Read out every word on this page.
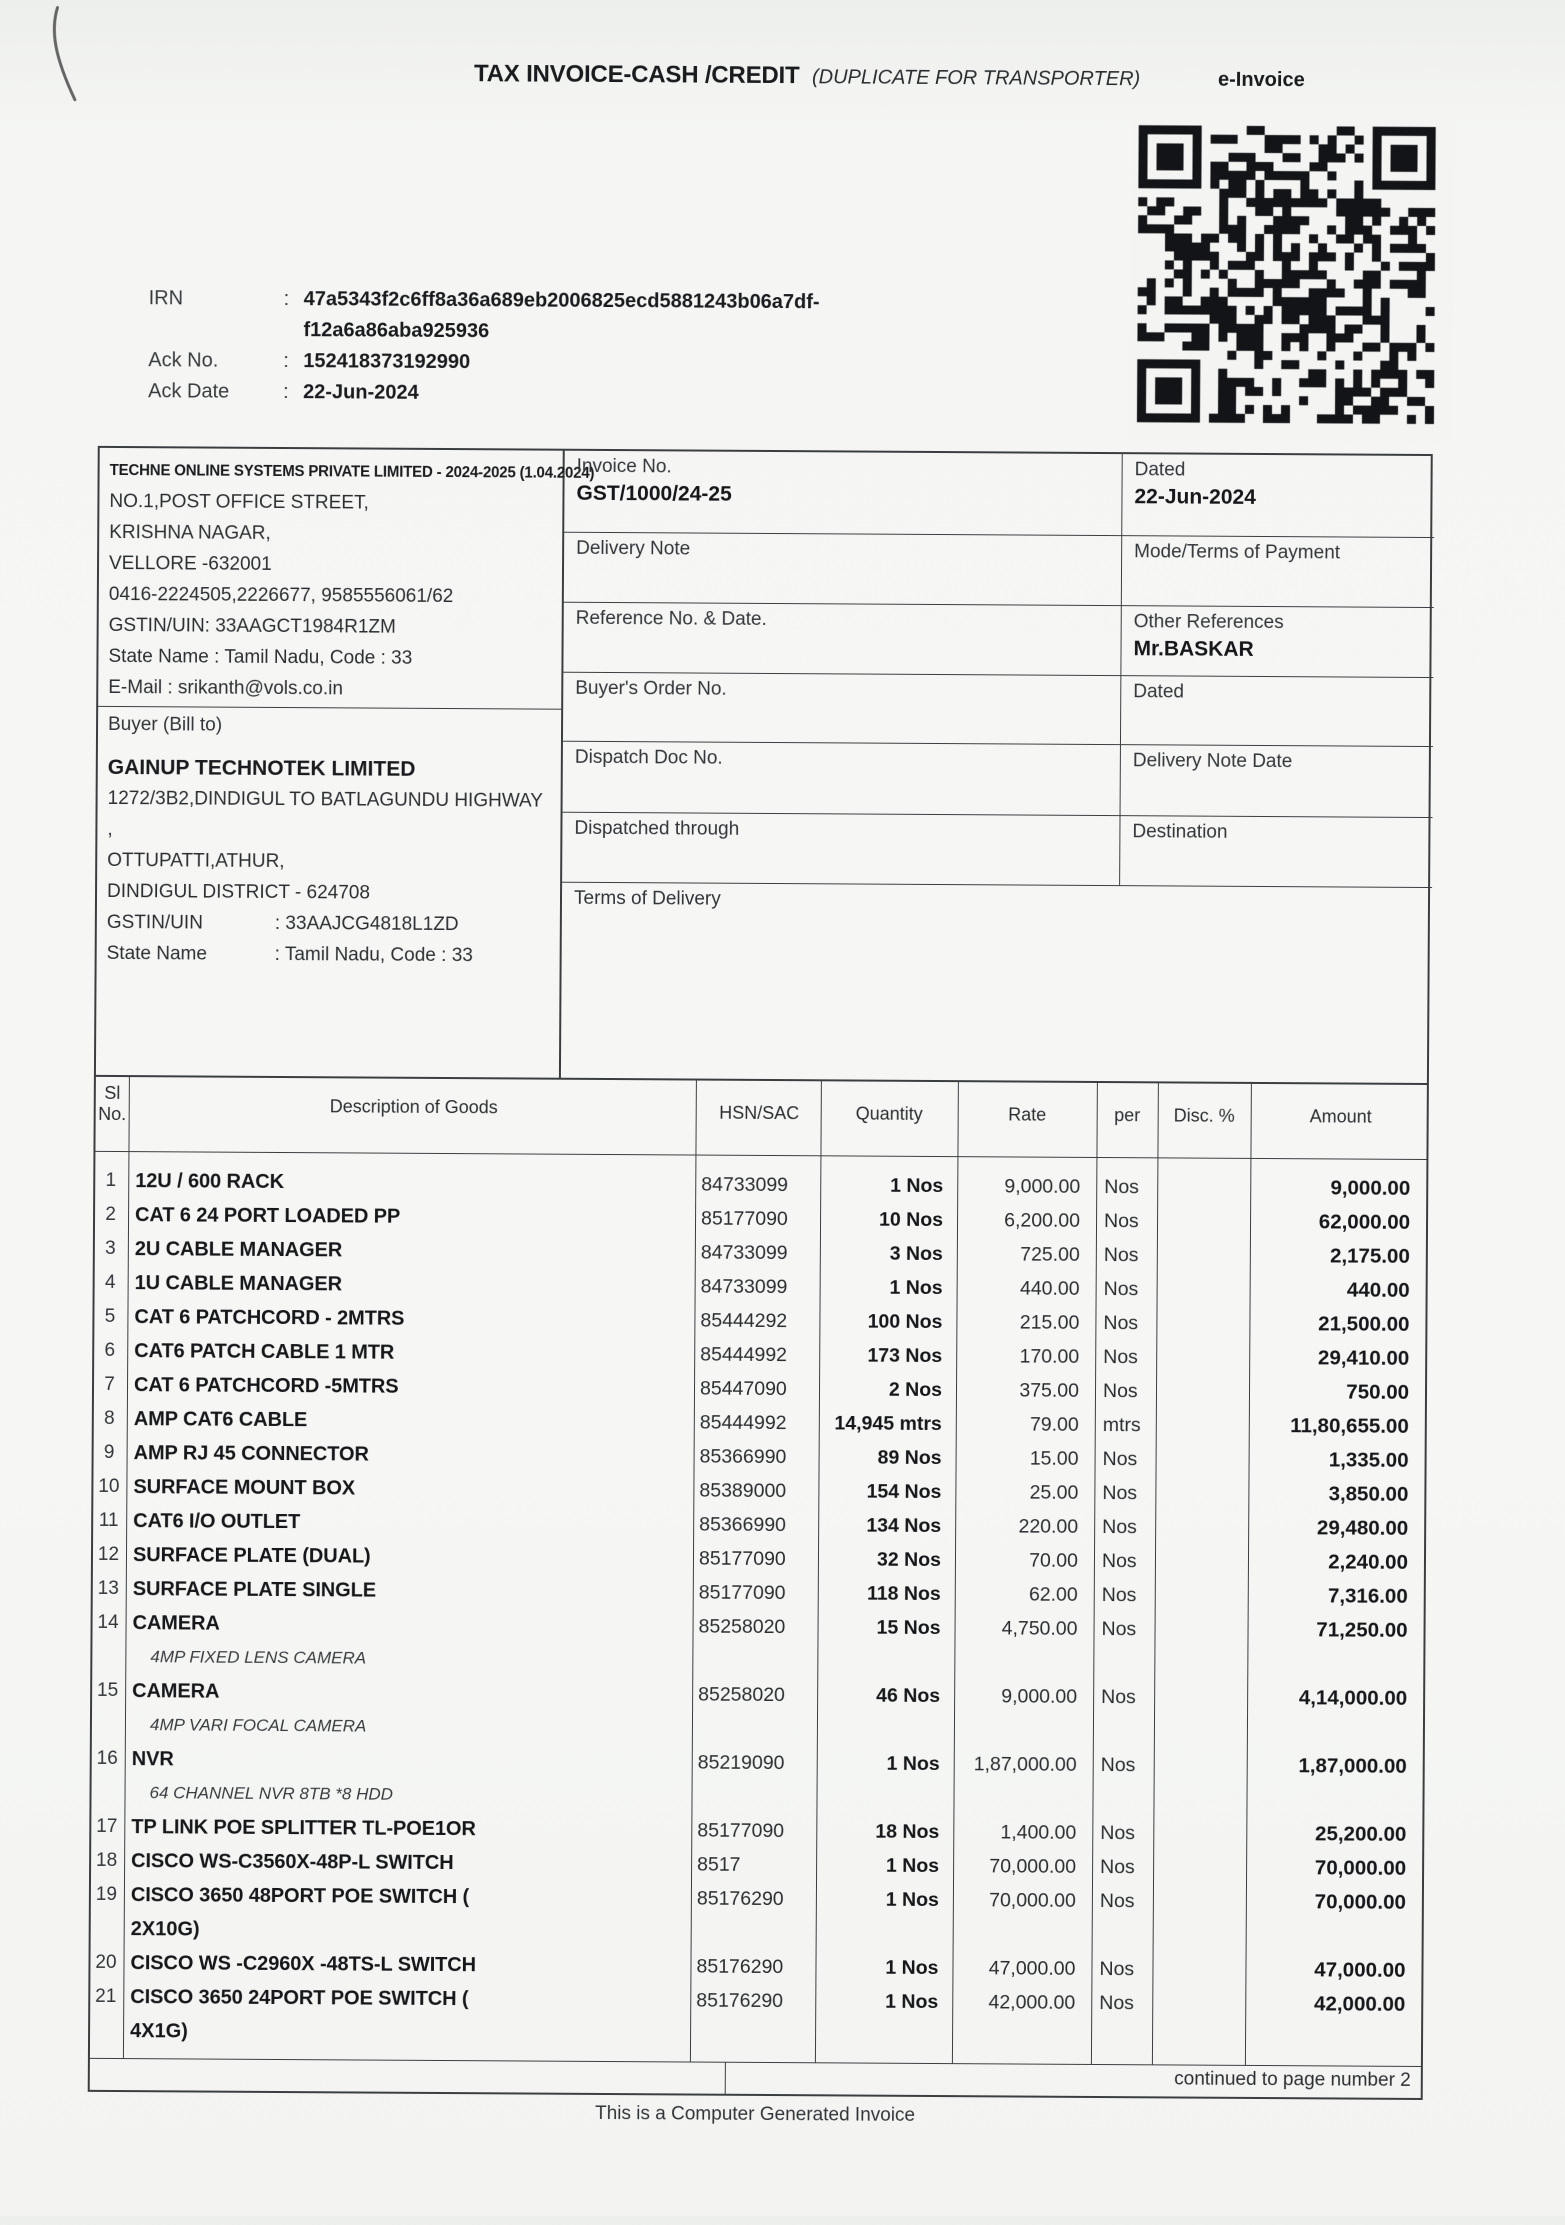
TAX INVOICE-CASH /CREDIT (DUPLICATE FOR TRANSPORTER)	e-Invoice
IRN	: 47a5343f2c6ff8a36a689eb2006825ecd5881243b06a7df-
f12a6a86aba925936
Ack No.	: 152418373192990
Ack Date	: 22-Jun-2024
TECHNE ONLINE SYSTEMS PRIVATE LIMITED - 2024-2025 (1.04.2024)
NO.1,POST OFFICE STREET,
KRISHNA NAGAR,
VELLORE -632001
0416-2224505,2226677, 9585556061/62
GSTIN/UIN: 33AAGCT1984R1ZM
State Name : Tamil Nadu, Code : 33
E-Mail : srikanth@vols.co.in
Buyer (Bill to)
GAINUP TECHNOTEK LIMITED
1272/3B2,DINDIGUL TO BATLAGUNDU HIGHWAY ,
OTTUPATTI,ATHUR,
DINDIGUL DISTRICT - 624708
GSTIN/UIN	: 33AAJCG4818L1ZD
State Name	: Tamil Nadu, Code : 33
Invoice No.
GST/1000/24-25
Dated
22-Jun-2024
Delivery Note	Mode/Terms of Payment
Reference No. & Date.	Other References
Mr.BASKAR
Buyer's Order No.	Dated
Dispatch Doc No.	Delivery Note Date
Dispatched through	Destination
Terms of Delivery
Sl
No.	Description of Goods	HSN/SAC	Quantity	Rate	per	Disc. %	Amount
1 12U / 600 RACK	84733099	1 Nos	9,000.00 Nos	9,000.00
2 CAT 6 24 PORT LOADED PP	85177090	10 Nos	6,200.00 Nos	62,000.00
3 2U CABLE MANAGER	84733099	3 Nos	725.00 Nos	2,175.00
4 1U CABLE MANAGER	84733099	1 Nos	440.00 Nos	440.00
5 CAT 6 PATCHCORD - 2MTRS	85444292	100 Nos	215.00 Nos	21,500.00
6 CAT6 PATCH CABLE 1 MTR	85444992	173 Nos	170.00 Nos	29,410.00
7 CAT 6 PATCHCORD -5MTRS	85447090	2 Nos	375.00 Nos	750.00
8 AMP CAT6 CABLE	85444992	14,945 mtrs	79.00 mtrs	11,80,655.00
9 AMP RJ 45 CONNECTOR	85366990	89 Nos	15.00 Nos	1,335.00
10 SURFACE MOUNT BOX	85389000	154 Nos	25.00 Nos	3,850.00
11 CAT6 I/O OUTLET	85366990	134 Nos	220.00 Nos	29,480.00
12 SURFACE PLATE (DUAL)	85177090	32 Nos	70.00 Nos	2,240.00
13 SURFACE PLATE SINGLE	85177090	118 Nos	62.00 Nos	7,316.00
14 CAMERA
4MP FIXED LENS CAMERA
85258020	15 Nos	4,750.00 Nos	71,250.00
15 CAMERA
4MP VARI FOCAL CAMERA
85258020	46 Nos	9,000.00 Nos	4,14,000.00
16 NVR
64 CHANNEL NVR 8TB *8 HDD
85219090	1 Nos	1,87,000.00 Nos	1,87,000.00
17 TP LINK POE SPLITTER TL-POE1OR	85177090	18 Nos	1,400.00 Nos	25,200.00
18 CISCO WS-C3560X-48P-L SWITCH	8517	1 Nos	70,000.00 Nos	70,000.00
19 CISCO 3650 48PORT POE SWITCH (
2X10G)
85176290	1 Nos	70,000.00 Nos	70,000.00
20 CISCO WS -C2960X -48TS-L SWITCH	85176290	1 Nos	47,000.00 Nos	47,000.00
21 CISCO 3650 24PORT POE SWITCH (
4X1G)
85176290	1 Nos	42,000.00 Nos	42,000.00
continued to page number 2
This is a Computer Generated Invoice
